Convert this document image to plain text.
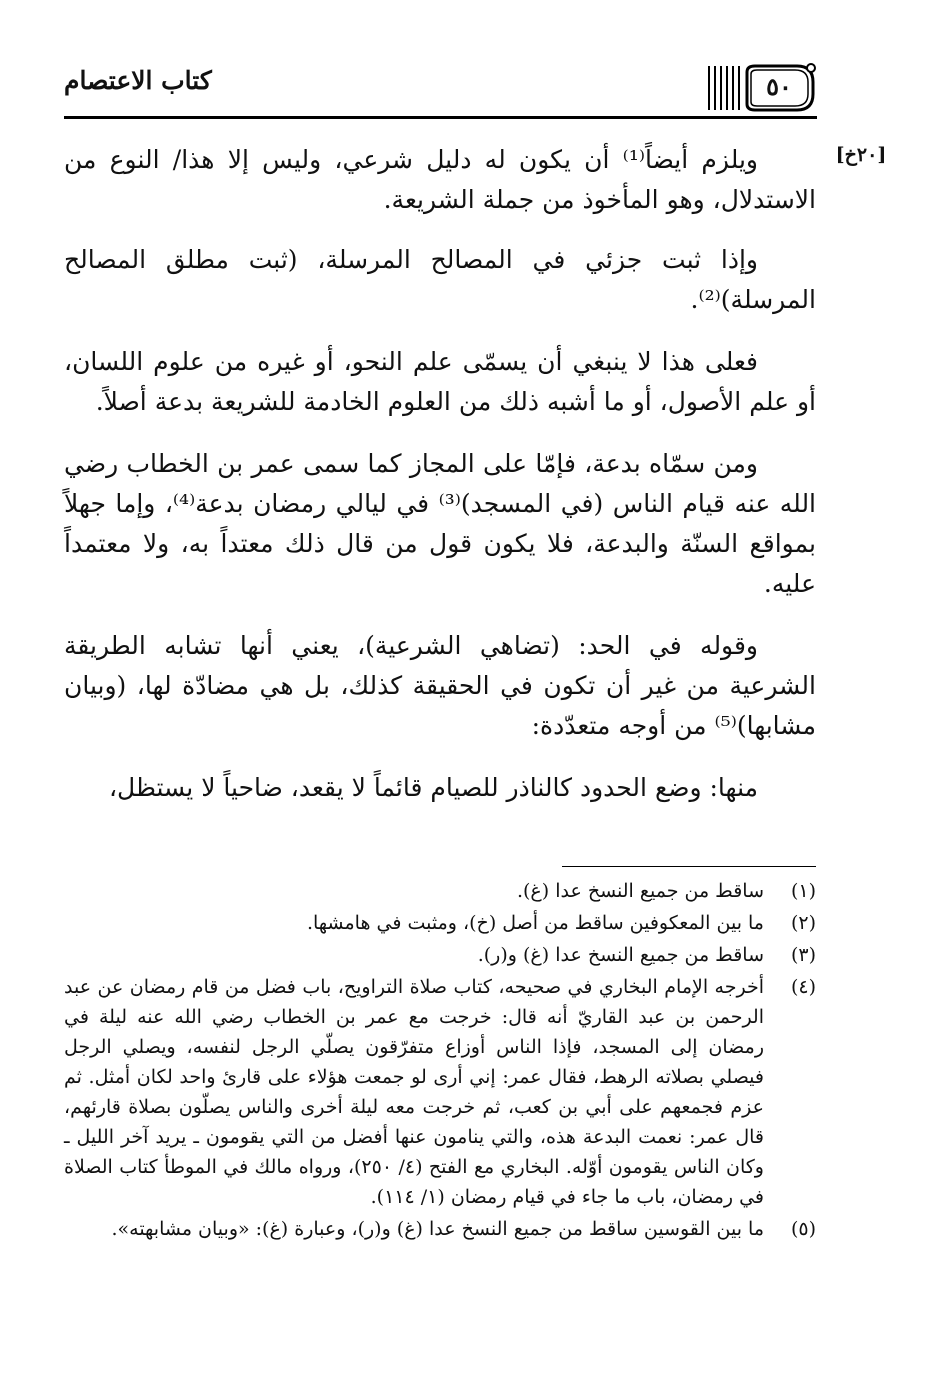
كتاب الاعتصام	٥٠
[٢٠خ]

ويلزم أيضاً⁽¹⁾ أن يكون له دليل شرعي، وليس إلا هذا/ النوع من الاستدلال، وهو المأخوذ من جملة الشريعة.

وإذا ثبت جزئي في المصالح المرسلة، (ثبت مطلق المصالح المرسلة)⁽²⁾.

فعلى هذا لا ينبغي أن يسمّى علم النحو، أو غيره من علوم اللسان، أو علم الأصول، أو ما أشبه ذلك من العلوم الخادمة للشريعة بدعة أصلاً.

ومن سمّاه بدعة، فإمّا على المجاز كما سمى عمر بن الخطاب رضي الله عنه قيام الناس (في المسجد)⁽³⁾ في ليالي رمضان بدعة⁽⁴⁾، وإما جهلاً بمواقع السنّة والبدعة، فلا يكون قول من قال ذلك معتداً به، ولا معتمداً عليه.

وقوله في الحد: (تضاهي الشرعية)، يعني أنها تشابه الطريقة الشرعية من غير أن تكون في الحقيقة كذلك، بل هي مضادّة لها، (وبيان مشابها)⁽⁵⁾ من أوجه متعدّدة:

منها: وضع الحدود كالناذر للصيام قائماً لا يقعد، ضاحياً لا يستظل،

(١)
ساقط من جميع النسخ عدا (غ).
(٢)
ما بين المعكوفين ساقط من أصل (خ)، ومثبت في هامشها.
(٣)
ساقط من جميع النسخ عدا (غ) و(ر).
(٤)
أخرجه الإمام البخاري في صحيحه، كتاب صلاة التراويح، باب فضل من قام رمضان عن عبد الرحمن بن عبد القاريّ أنه قال: خرجت مع عمر بن الخطاب رضي الله عنه ليلة في رمضان إلى المسجد، فإذا الناس أوزاع متفرّقون يصلّي الرجل لنفسه، ويصلي الرجل فيصلي بصلاته الرهط، فقال عمر: إني أرى لو جمعت هؤلاء على قارئ واحد لكان أمثل. ثم عزم فجمعهم على أبي بن كعب، ثم خرجت معه ليلة أخرى والناس يصلّون بصلاة قارئهم، قال عمر: نعمت البدعة هذه، والتي ينامون عنها أفضل من التي يقومون ـ يريد آخر الليل ـ وكان الناس يقومون أوّله. البخاري مع الفتح (٤/ ٢٥٠)، ورواه مالك في الموطأ كتاب الصلاة في رمضان، باب ما جاء في قيام رمضان (١/ ١١٤).
(٥)
ما بين القوسين ساقط من جميع النسخ عدا (غ) و(ر)، وعبارة (غ): «وبيان مشابهته».
